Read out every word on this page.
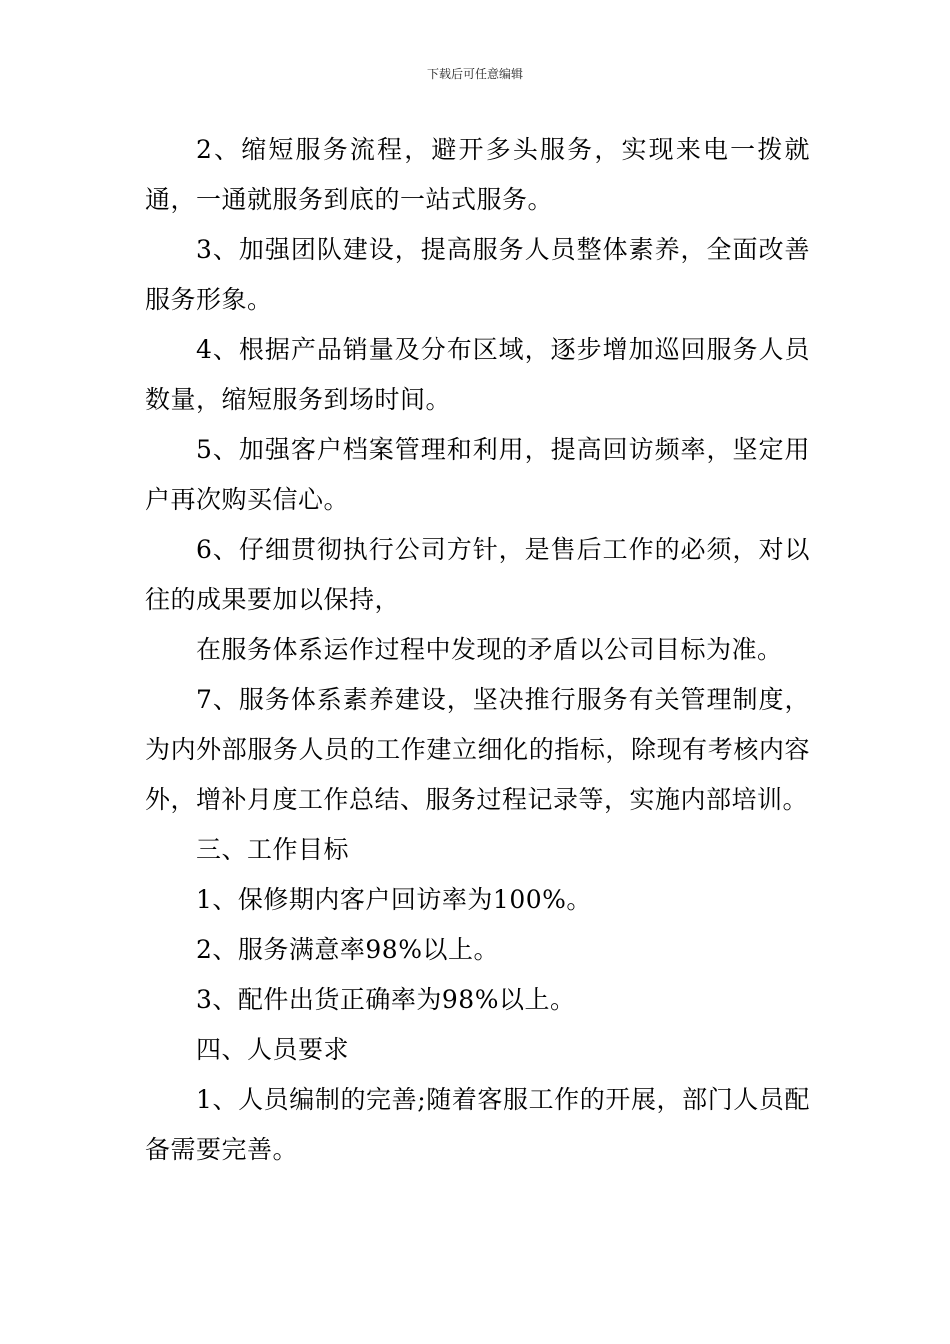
下载后可任意编辑

2、缩短服务流程，避开多头服务，实现来电一拨就通，一通就服务到底的一站式服务。

3、加强团队建设，提高服务人员整体素养，全面改善服务形象。

4、根据产品销量及分布区域，逐步增加巡回服务人员数量，缩短服务到场时间。

5、加强客户档案管理和利用，提高回访频率，坚定用户再次购买信心。

6、仔细贯彻执行公司方针，是售后工作的必须，对以往的成果要加以保持，

在服务体系运作过程中发现的矛盾以公司目标为准。

7、服务体系素养建设，坚决推行服务有关管理制度，为内外部服务人员的工作建立细化的指标，除现有考核内容外，增补月度工作总结、服务过程记录等，实施内部培训。

三、工作目标

1、保修期内客户回访率为100%。

2、服务满意率98%以上。

3、配件出货正确率为98%以上。

四、人员要求

1、人员编制的完善;随着客服工作的开展，部门人员配备需要完善。
